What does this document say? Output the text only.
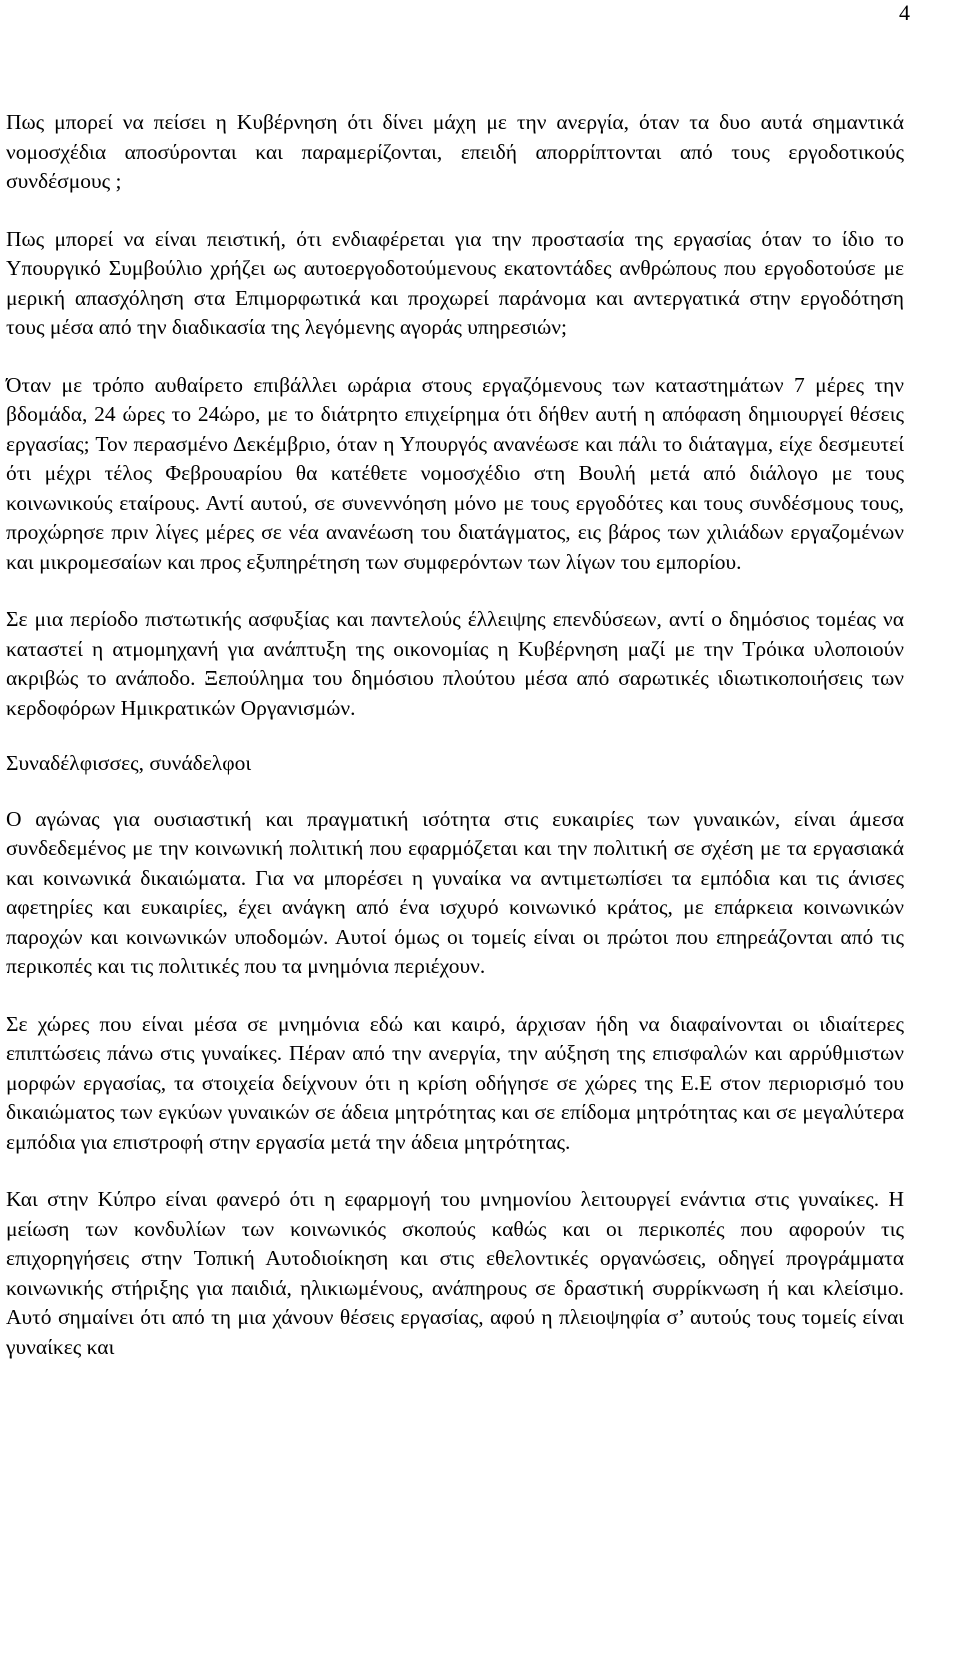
4

Πως μπορεί να πείσει η Κυβέρνηση ότι δίνει μάχη με την ανεργία, όταν τα δυο αυτά σημαντικά νομοσχέδια αποσύρονται και παραμερίζονται, επειδή απορρίπτονται από τους εργοδοτικούς συνδέσμους ;

Πως μπορεί να είναι πειστική, ότι ενδιαφέρεται για την προστασία της εργασίας όταν το ίδιο το Υπουργικό Συμβούλιο χρήζει ως αυτοεργοδοτούμενους εκατοντάδες ανθρώπους που εργοδοτούσε με μερική απασχόληση στα Επιμορφωτικά και προχωρεί παράνομα και αντεργατικά στην εργοδότηση τους μέσα από την διαδικασία της λεγόμενης αγοράς υπηρεσιών;

Όταν με τρόπο αυθαίρετο επιβάλλει ωράρια στους εργαζόμενους των καταστημάτων 7 μέρες την βδομάδα, 24 ώρες το 24ώρο, με το διάτρητο επιχείρημα ότι δήθεν αυτή η απόφαση δημιουργεί θέσεις εργασίας; Τον περασμένο Δεκέμβριο, όταν η Υπουργός ανανέωσε και πάλι το διάταγμα, είχε δεσμευτεί ότι μέχρι τέλος Φεβρουαρίου θα κατέθετε νομοσχέδιο στη Βουλή μετά από διάλογο με τους κοινωνικούς εταίρους. Αντί αυτού, σε συνεννόηση μόνο με τους εργοδότες και τους συνδέσμους τους, προχώρησε πριν λίγες μέρες σε νέα ανανέωση του διατάγματος, εις βάρος των χιλιάδων εργαζομένων και μικρομεσαίων και προς εξυπηρέτηση των συμφερόντων των λίγων του εμπορίου.

Σε μια περίοδο πιστωτικής ασφυξίας και παντελούς έλλειψης επενδύσεων, αντί ο δημόσιος τομέας να καταστεί η ατμομηχανή για ανάπτυξη της οικονομίας η Κυβέρνηση μαζί με την Τρόικα υλοποιούν ακριβώς το ανάποδο. Ξεπούλημα του δημόσιου πλούτου μέσα από σαρωτικές ιδιωτικοποιήσεις των κερδοφόρων Ημικρατικών Οργανισμών.

Συναδέλφισσες, συνάδελφοι

Ο αγώνας για ουσιαστική και πραγματική ισότητα στις ευκαιρίες των γυναικών, είναι άμεσα συνδεδεμένος με την κοινωνική πολιτική που εφαρμόζεται και την πολιτική σε σχέση με τα εργασιακά και κοινωνικά δικαιώματα. Για να μπορέσει η γυναίκα να αντιμετωπίσει τα εμπόδια και τις άνισες αφετηρίες και ευκαιρίες, έχει ανάγκη από ένα ισχυρό κοινωνικό κράτος, με επάρκεια κοινωνικών παροχών και κοινωνικών υποδομών. Αυτοί όμως οι τομείς είναι οι πρώτοι που επηρεάζονται από τις περικοπές και τις πολιτικές που τα μνημόνια περιέχουν.

Σε χώρες που είναι μέσα σε μνημόνια εδώ και καιρό, άρχισαν ήδη να διαφαίνονται οι ιδιαίτερες επιπτώσεις πάνω στις γυναίκες. Πέραν από την ανεργία, την αύξηση της επισφαλών και αρρύθμιστων μορφών εργασίας, τα στοιχεία δείχνουν ότι η κρίση οδήγησε σε χώρες της Ε.Ε στον περιορισμό του δικαιώματος των εγκύων γυναικών σε άδεια μητρότητας και σε επίδομα μητρότητας και σε μεγαλύτερα εμπόδια για επιστροφή στην εργασία μετά την άδεια μητρότητας.

Και στην Κύπρο είναι φανερό ότι η εφαρμογή του μνημονίου λειτουργεί ενάντια στις γυναίκες. Η μείωση των κονδυλίων των κοινωνικός σκοπούς καθώς και οι περικοπές που αφορούν τις επιχορηγήσεις στην Τοπική Αυτοδιοίκηση και στις εθελοντικές οργανώσεις, οδηγεί προγράμματα κοινωνικής στήριξης για παιδιά, ηλικιωμένους, ανάπηρους σε δραστική συρρίκνωση ή και κλείσιμο. Αυτό σημαίνει ότι από τη μια χάνουν θέσεις εργασίας, αφού η πλειοψηφία σ’ αυτούς τους τομείς είναι γυναίκες και
